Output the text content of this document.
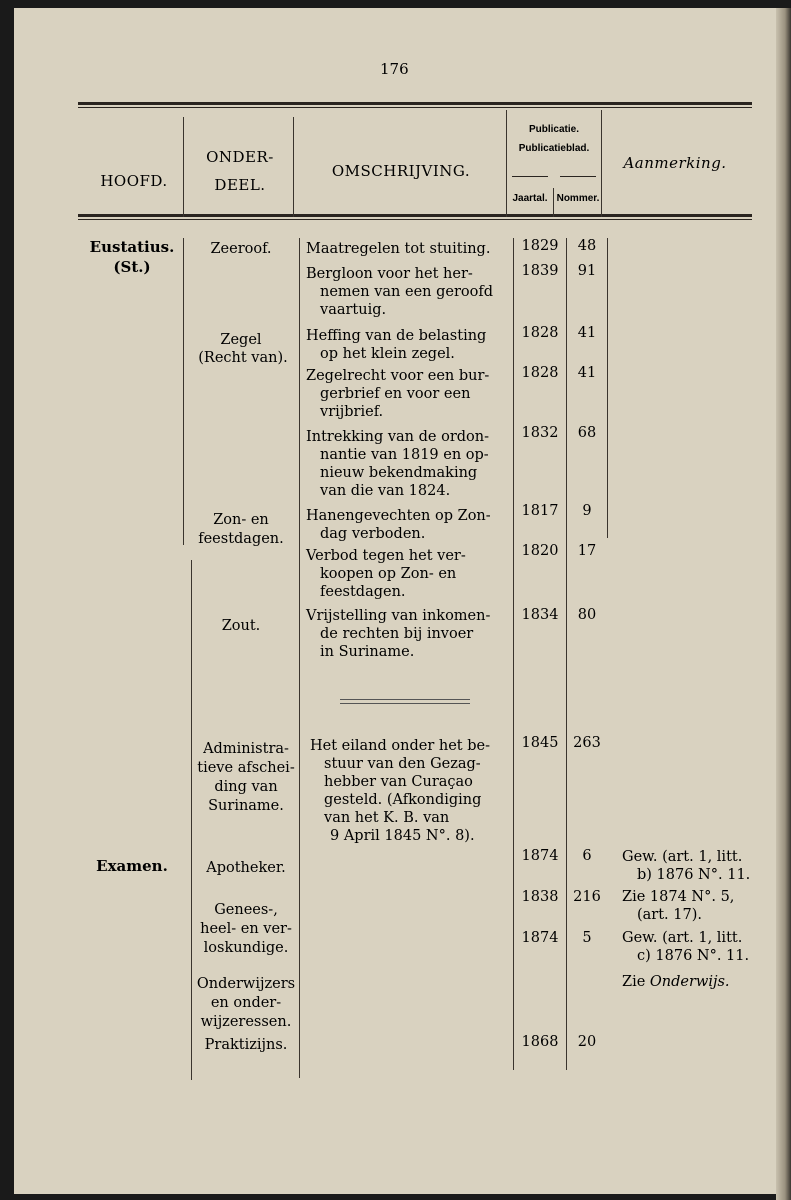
176
HOOFD.
ONDER-
DEEL.
OMSCHRIJVING.
Publicatie.
Publicatieblad.
Jaartal. Nommer.
Aanmerking.
Eustatius.
(St.)
Examen.
Zeeroof.
Zegel
(Recht van).
Zon- en
feestdagen.
Zout.
Administra-
tieve afschei-
ding van
Suriname.
Apotheker.
Genees-,
heel- en ver-
loskundige.
Onderwijzers
en onder-
wijzeressen.
Praktizijns.
Maatregelen tot stuiting.
Bergloon voor het her-
nemen van een geroofd
vaartuig.
Heffing van de belasting
op het klein zegel.
Zegelrecht voor een bur-
gerbrief en voor een
vrijbrief.
Intrekking van de ordon-
nantie van 1819 en op-
nieuw bekendmaking
van die van 1824.
Hanengevechten op Zon-
dag verboden.
Verbod tegen het ver-
koopen op Zon- en
feestdagen.
Vrijstelling van inkomen-
de rechten bij invoer
in Suriname.
Het eiland onder het be-
stuur van den Gezag-
hebber van Curaçao
gesteld. (Afkondiging
van het K. B. van
9 April 1845 N°. 8).
1829
1839
1828
1828
1832
1817
1820
1834
1845
1874
1838
1874
1868
48
91
41
41
68
9
17
80
263
6
216
5
20
Gew. (art. 1, litt.
b) 1876 N°. 11.
Zie 1874 N°. 5,
(art. 17).
Gew. (art. 1, litt.
c) 1876 N°. 11.
Zie Onderwijs.
